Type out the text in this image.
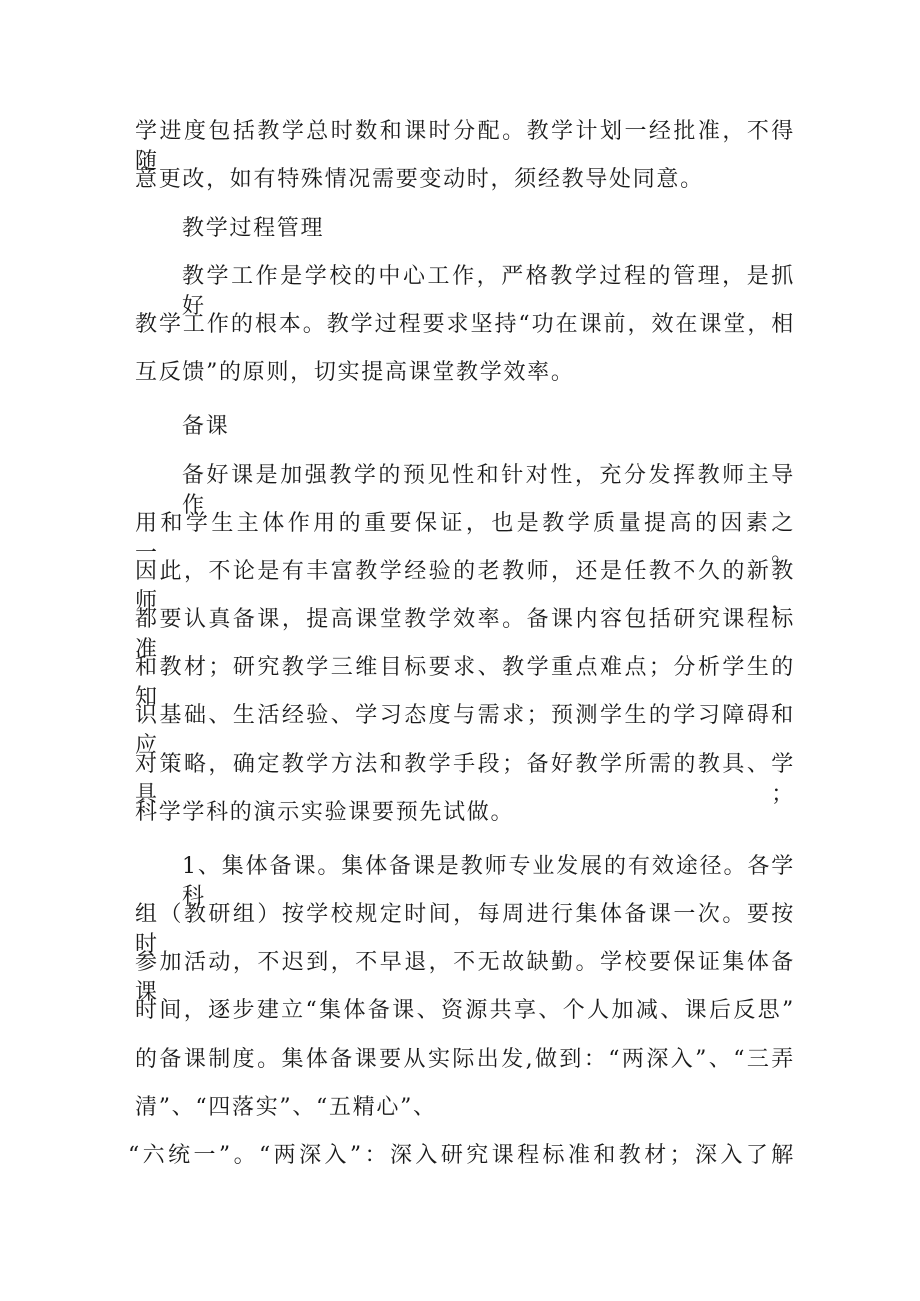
学进度包括教学总时数和课时分配。教学计划一经批准，不得随
意更改，如有特殊情况需要变动时，须经教导处同意。
教学过程管理
教学工作是学校的中心工作，严格教学过程的管理，是抓好
教学工作的根本。教学过程要求坚持“功在课前，效在课堂，相
互反馈”的原则，切实提高课堂教学效率。
备课
备好课是加强教学的预见性和针对性，充分发挥教师主导作
用和学生主体作用的重要保证，也是教学质量提高的因素之一。
因此，不论是有丰富教学经验的老教师，还是任教不久的新教师，
都要认真备课，提高课堂教学效率。备课内容包括研究课程标准
和教材；研究教学三维目标要求、教学重点难点；分析学生的知
识基础、生活经验、学习态度与需求；预测学生的学习障碍和应
对策略，确定教学方法和教学手段；备好教学所需的教具、学具；
科学学科的演示实验课要预先试做。
1、集体备课。集体备课是教师专业发展的有效途径。各学科
组（教研组）按学校规定时间，每周进行集体备课一次。要按时
参加活动，不迟到，不早退，不无故缺勤。学校要保证集体备课
时间，逐步建立“集体备课、资源共享、个人加减、课后反思”
的备课制度。集体备课要从实际出发,做到：“两深入”、“三弄
清”、“四落实”、“五精心”、
“六统一”。“两深入”：深入研究课程标准和教材；深入了解
